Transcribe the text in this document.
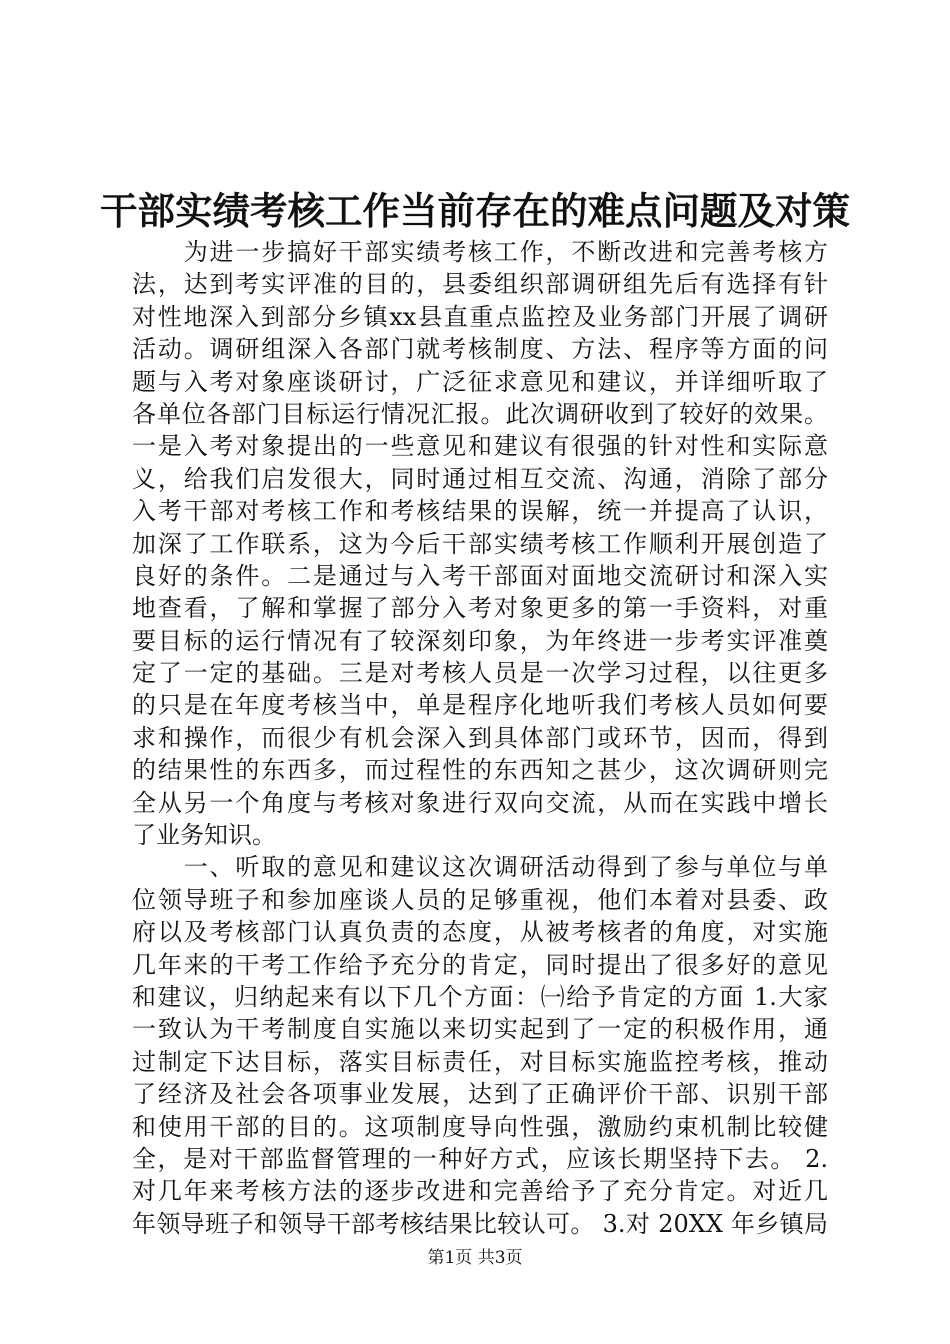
干部实绩考核工作当前存在的难点问题及对策
　　为进一步搞好干部实绩考核工作，不断改进和完善考核方
法，达到考实评准的目的，县委组织部调研组先后有选择有针
对性地深入到部分乡镇xx县直重点监控及业务部门开展了调研
活动。调研组深入各部门就考核制度、方法、程序等方面的问
题与入考对象座谈研讨，广泛征求意见和建议，并详细听取了
各单位各部门目标运行情况汇报。此次调研收到了较好的效果。
一是入考对象提出的一些意见和建议有很强的针对性和实际意
义，给我们启发很大，同时通过相互交流、沟通，消除了部分
入考干部对考核工作和考核结果的误解，统一并提高了认识，
加深了工作联系，这为今后干部实绩考核工作顺利开展创造了
良好的条件。二是通过与入考干部面对面地交流研讨和深入实
地查看，了解和掌握了部分入考对象更多的第一手资料，对重
要目标的运行情况有了较深刻印象，为年终进一步考实评准奠
定了一定的基础。三是对考核人员是一次学习过程，以往更多
的只是在年度考核当中，单是程序化地听我们考核人员如何要
求和操作，而很少有机会深入到具体部门或环节，因而，得到
的结果性的东西多，而过程性的东西知之甚少，这次调研则完
全从另一个角度与考核对象进行双向交流，从而在实践中增长
了业务知识。
　　一、听取的意见和建议这次调研活动得到了参与单位与单
位领导班子和参加座谈人员的足够重视，他们本着对县委、政
府以及考核部门认真负责的态度，从被考核者的角度，对实施
几年来的干考工作给予充分的肯定，同时提出了很多好的意见
和建议，归纳起来有以下几个方面：㈠给予肯定的方面 1.大家
一致认为干考制度自实施以来切实起到了一定的积极作用，通
过制定下达目标，落实目标责任，对目标实施监控考核，推动
了经济及社会各项事业发展，达到了正确评价干部、识别干部
和使用干部的目的。这项制度导向性强，激励约束机制比较健
全，是对干部监督管理的一种好方式，应该长期坚持下去。 2.
对几年来考核方法的逐步改进和完善给予了充分肯定。对近几
年领导班子和领导干部考核结果比较认可。 3.对 20XX 年乡镇局
第1页 共3页
